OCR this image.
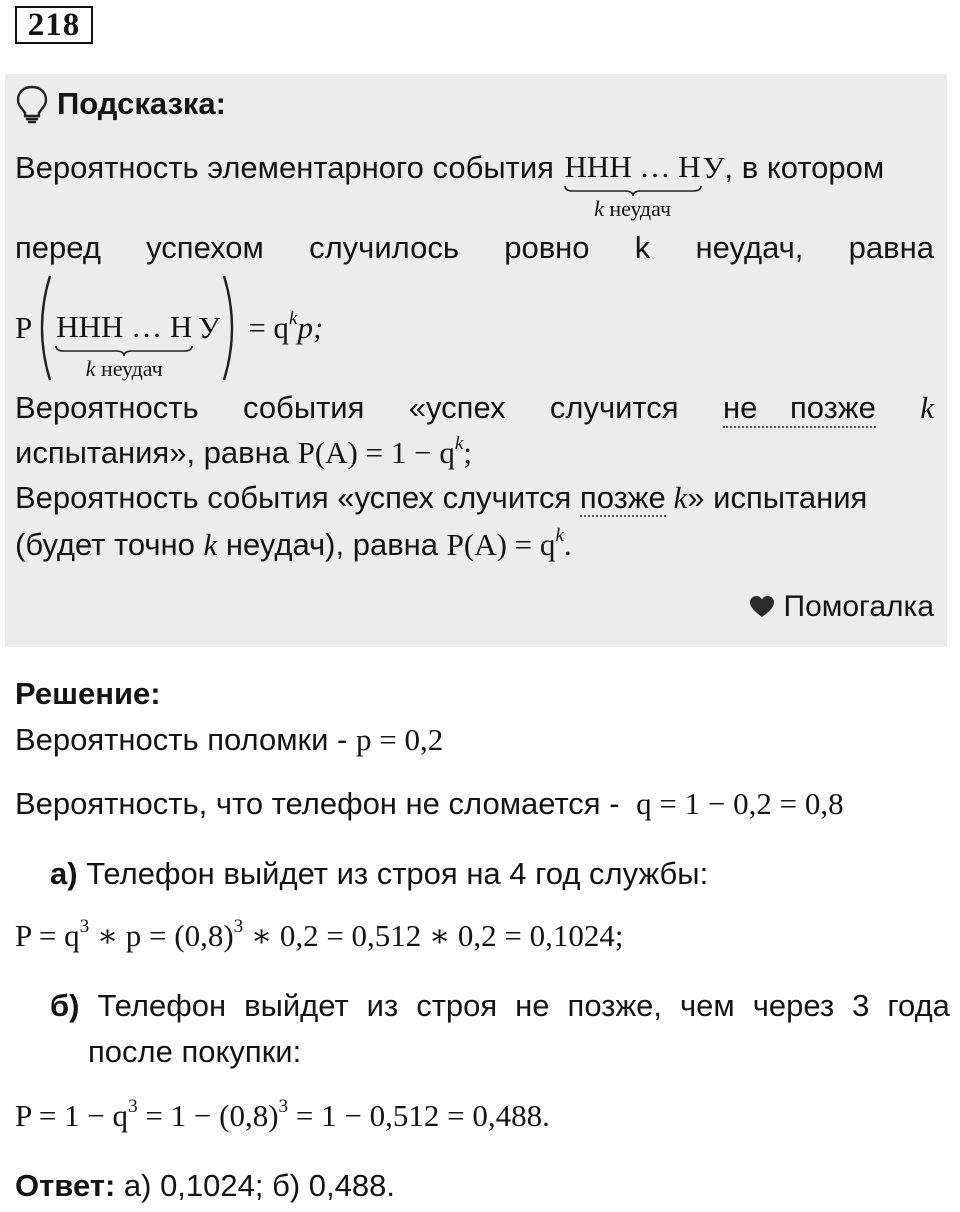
218
Подсказка:
Вероятность элементарного события ННН … Н
k неудач
У, в котором
перед успехом случилось ровно k неудач, равна
P ННН … Н
k неудач
$У = q^kp$;
Вероятность события «успех случится не позже k
испытания», равна $P(A) = 1 - q^k$;
Вероятность события «успех случится позже k» испытания
(будет точно k неудач), равна $P(A) = q^k$.
Помогалка
Решение:
Вероятность поломки - p = 0,2
Вероятность, что телефон не сломается - q = 1 − 0,2 = 0,8
а) Телефон выйдет из строя на 4 год службы:
$P = q^3$ ∗ $p = (0,8)^3$ ∗ 0,2 = 0,512 ∗ 0,2 = 0,1024;
б) Телефон выйдет из строя не позже, чем через 3 года
после покупки:
$P = 1 - q^3 = 1 - (0,8)^3 = 1 - 0,512 = 0,488$.
Ответ: а) 0,1024; б) 0,488.
